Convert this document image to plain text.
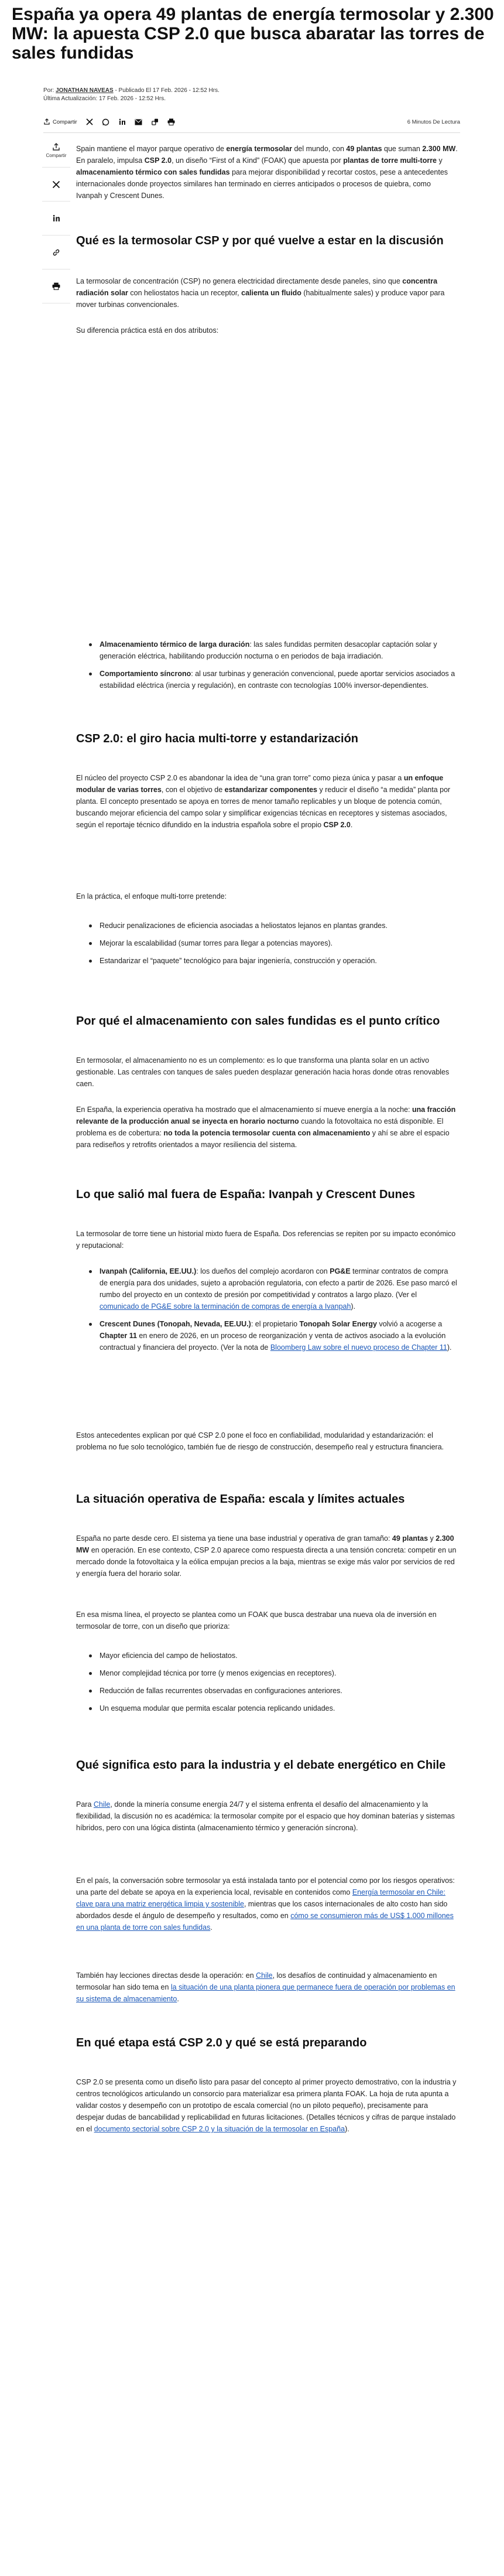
España ya opera 49 plantas de energía termosolar y 2.300 MW: la apuesta CSP 2.0 que busca abaratar las torres de sales fundidas
Por: JONATHAN NAVEAS - Publicado El 17 Feb. 2026 - 12:52 Hrs.
Última Actualización: 17 Feb. 2026 - 12:52 Hrs.
Compartir	6 Minutos De Lectura
Compartir

Spain mantiene el mayor parque operativo de energía termosolar del mundo, con 49 plantas que suman 2.300 MW. En paralelo, impulsa CSP 2.0, un diseño “First of a Kind” (FOAK) que apuesta por plantas de torre multi-torre y almacenamiento térmico con sales fundidas para mejorar disponibilidad y recortar costos, pese a antecedentes internacionales donde proyectos similares han terminado en cierres anticipados o procesos de quiebra, como Ivanpah y Crescent Dunes.

Qué es la termosolar CSP y por qué vuelve a estar en la discusión

La termosolar de concentración (CSP) no genera electricidad directamente desde paneles, sino que concentra radiación solar con heliostatos hacia un receptor, calienta un fluido (habitualmente sales) y produce vapor para mover turbinas convencionales.

Su diferencia práctica está en dos atributos:
Almacenamiento térmico de larga duración: las sales fundidas permiten desacoplar captación solar y generación eléctrica, habilitando producción nocturna o en periodos de baja irradiación.
Comportamiento síncrono: al usar turbinas y generación convencional, puede aportar servicios asociados a estabilidad eléctrica (inercia y regulación), en contraste con tecnologías 100% inversor-dependientes.
CSP 2.0: el giro hacia multi-torre y estandarización

El núcleo del proyecto CSP 2.0 es abandonar la idea de “una gran torre” como pieza única y pasar a un enfoque modular de varias torres, con el objetivo de estandarizar componentes y reducir el diseño “a medida” planta por planta. El concepto presentado se apoya en torres de menor tamaño replicables y un bloque de potencia común, buscando mejorar eficiencia del campo solar y simplificar exigencias técnicas en receptores y sistemas asociados, según el reportaje técnico difundido en la industria española sobre el propio CSP 2.0.

En la práctica, el enfoque multi-torre pretende:
Reducir penalizaciones de eficiencia asociadas a heliostatos lejanos en plantas grandes.
Mejorar la escalabilidad (sumar torres para llegar a potencias mayores).
Estandarizar el “paquete” tecnológico para bajar ingeniería, construcción y operación.
Por qué el almacenamiento con sales fundidas es el punto crítico
En termosolar, el almacenamiento no es un complemento: es lo que transforma una planta solar en un activo gestionable. Las centrales con tanques de sales pueden desplazar generación hacia horas donde otras renovables caen.

En España, la experiencia operativa ha mostrado que el almacenamiento sí mueve energía a la noche: una fracción relevante de la producción anual se inyecta en horario nocturno cuando la fotovoltaica no está disponible. El problema es de cobertura: no toda la potencia termosolar cuenta con almacenamiento y ahí se abre el espacio para rediseños y retrofits orientados a mayor resiliencia del sistema.

Lo que salió mal fuera de España: Ivanpah y Crescent Dunes
La termosolar de torre tiene un historial mixto fuera de España. Dos referencias se repiten por su impacto económico y reputacional:
Ivanpah (California, EE.UU.): los dueños del complejo acordaron con PG&E terminar contratos de compra de energía para dos unidades, sujeto a aprobación regulatoria, con efecto a partir de 2026. Ese paso marcó el rumbo del proyecto en un contexto de presión por competitividad y contratos a largo plazo. (Ver el comunicado de PG&E sobre la terminación de compras de energía a Ivanpah).
Crescent Dunes (Tonopah, Nevada, EE.UU.): el propietario Tonopah Solar Energy volvió a acogerse a Chapter 11 en enero de 2026, en un proceso de reorganización y venta de activos asociado a la evolución contractual y financiera del proyecto. (Ver la nota de Bloomberg Law sobre el nuevo proceso de Chapter 11).
Estos antecedentes explican por qué CSP 2.0 pone el foco en confiabilidad, modularidad y estandarización: el problema no fue solo tecnológico, también fue de riesgo de construcción, desempeño real y estructura financiera.
La situación operativa de España: escala y límites actuales

España no parte desde cero. El sistema ya tiene una base industrial y operativa de gran tamaño: 49 plantas y 2.300 MW en operación. En ese contexto, CSP 2.0 aparece como respuesta directa a una tensión concreta: competir en un mercado donde la fotovoltaica y la eólica empujan precios a la baja, mientras se exige más valor por servicios de red y energía fuera del horario solar.

En esa misma línea, el proyecto se plantea como un FOAK que busca destrabar una nueva ola de inversión en termosolar de torre, con un diseño que prioriza:
Mayor eficiencia del campo de heliostatos.
Menor complejidad técnica por torre (y menos exigencias en receptores).
Reducción de fallas recurrentes observadas en configuraciones anteriores.
Un esquema modular que permita escalar potencia replicando unidades.
Qué significa esto para la industria y el debate energético en Chile

Para Chile, donde la minería consume energía 24/7 y el sistema enfrenta el desafío del almacenamiento y la flexibilidad, la discusión no es académica: la termosolar compite por el espacio que hoy dominan baterías y sistemas híbridos, pero con una lógica distinta (almacenamiento térmico y generación síncrona).

En el país, la conversación sobre termosolar ya está instalada tanto por el potencial como por los riesgos operativos: una parte del debate se apoya en la experiencia local, revisable en contenidos como Energía termosolar en Chile: clave para una matriz energética limpia y sostenible, mientras que los casos internacionales de alto costo han sido abordados desde el ángulo de desempeño y resultados, como en cómo se consumieron más de US$ 1.000 millones en una planta de torre con sales fundidas.

También hay lecciones directas desde la operación: en Chile, los desafíos de continuidad y almacenamiento en termosolar han sido tema en la situación de una planta pionera que permanece fuera de operación por problemas en su sistema de almacenamiento.

En qué etapa está CSP 2.0 y qué se está preparando

CSP 2.0 se presenta como un diseño listo para pasar del concepto al primer proyecto demostrativo, con la industria y centros tecnológicos articulando un consorcio para materializar esa primera planta FOAK. La hoja de ruta apunta a validar costos y desempeño con un prototipo de escala comercial (no un piloto pequeño), precisamente para despejar dudas de bancabilidad y replicabilidad en futuras licitaciones. (Detalles técnicos y cifras de parque instalado en el documento sectorial sobre CSP 2.0 y la situación de la termosolar en España).
